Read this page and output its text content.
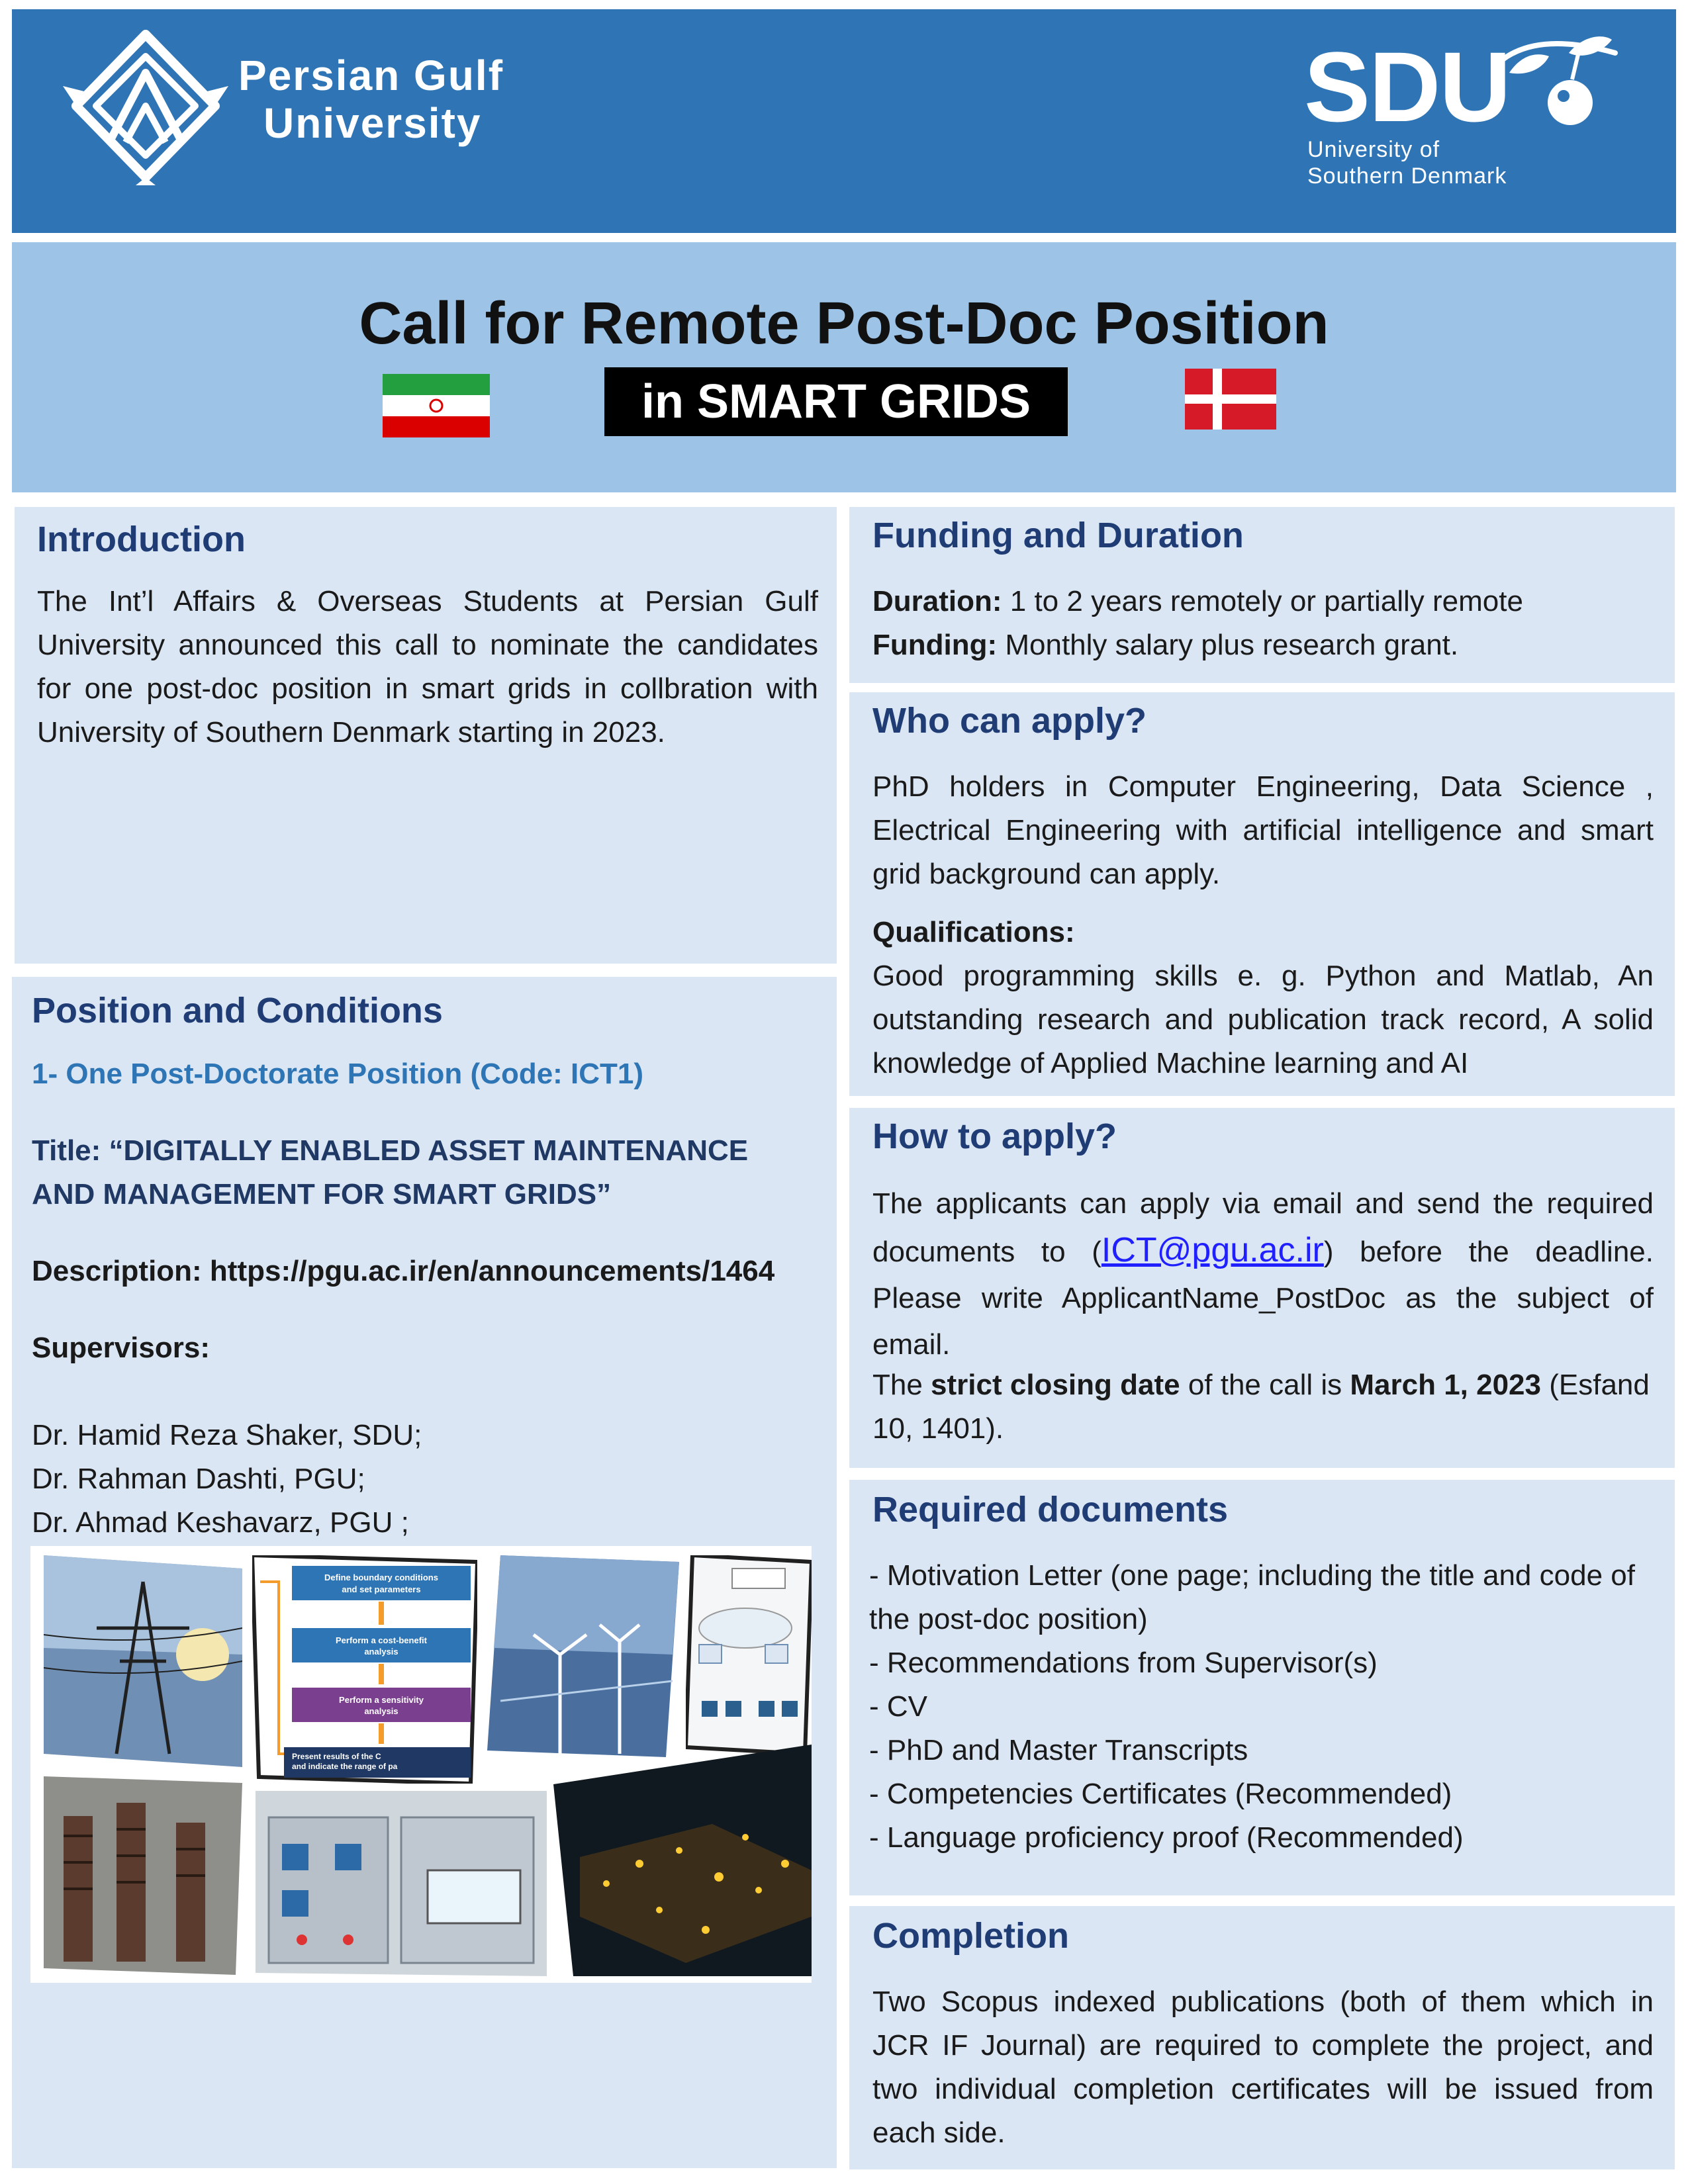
Persian Gulf
University	SDU
University of
Southern Denmark
Call for Remote Post-Doc Position
in SMART GRIDS
Introduction
The Int’l Affairs & Overseas Students at Persian Gulf University announced this call to nominate the candidates for one post-doc position in smart grids in collbration with University of Southern Denmark starting in 2023.
Position and Conditions
1- One Post-Doctorate Position (Code: ICT1)
Title: “DIGITALLY ENABLED ASSET MAINTENANCE AND MANAGEMENT FOR SMART GRIDS”
Description: https://pgu.ac.ir/en/announcements/1464
Supervisors:
Dr. Hamid Reza Shaker, SDU;
Dr. Rahman Dashti, PGU;
Dr. Ahmad Keshavarz, PGU ;
Define boundary conditions
and set parameters
Perform a cost-benefit
analysis
Perform a sensitivity
analysis
Present results of the C
and indicate the range of pa
Funding and Duration
Duration: 1 to 2 years remotely or partially remote
Funding: Monthly salary plus research grant.
Who can apply?
PhD holders in Computer Engineering, Data Science , Electrical Engineering with artificial intelligence and smart grid background can apply.
Qualifications:
Good programming skills e. g. Python and Matlab, An outstanding research and publication track record, A solid knowledge of Applied Machine learning and AI
How to apply?
The applicants can apply via email and send the required documents to (ICT@pgu.ac.ir) before the deadline. Please write ApplicantName_PostDoc as the subject of email.
The strict closing date of the call is March 1, 2023 (Esfand 10, 1401).
Required documents
- Motivation Letter (one page; including the title and code of the post-doc position)
- Recommendations from Supervisor(s)
- CV
- PhD and Master Transcripts
- Competencies Certificates (Recommended)
- Language proficiency proof (Recommended)
Completion
Two Scopus indexed publications (both of them which in JCR IF Journal) are required to complete the project, and two individual completion certificates will be issued from each side.
